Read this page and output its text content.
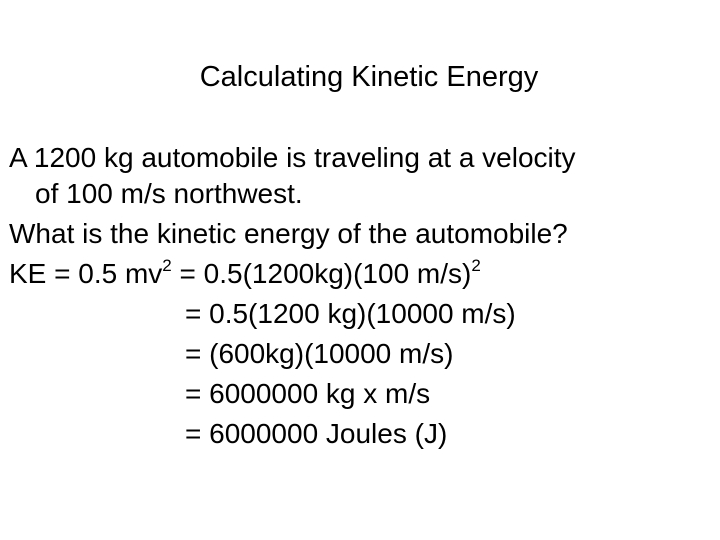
Calculating Kinetic Energy
A 1200 kg automobile is traveling at a velocity
of 100 m/s northwest.
What is the kinetic energy of the automobile?
KE = 0.5 $mv^2 = 0.5(1200kg)(100$ m/s)$^2$
= 0.5(1200 kg)(10000 m/s)
= (600kg)(10000 m/s)
= 6000000 kg x m/s
= 6000000 Joules (J)
